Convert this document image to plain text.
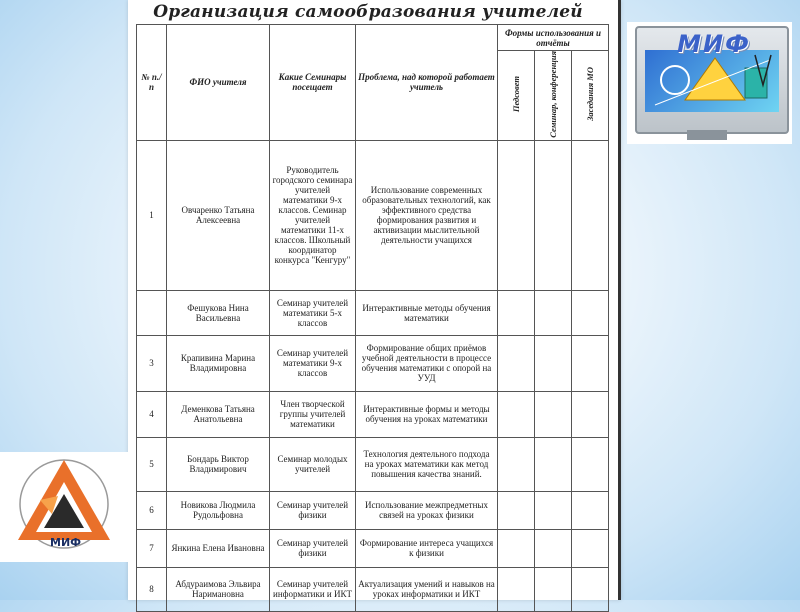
Организация самообразования учителей
№ п./п	ФИО учителя	Какие Семинары посещает	Проблема, над которой работает учитель	Формы использования и отчёты		
				Педсовет	Семинар, конференция	Заседания МО
1	Овчаренко Татьяна Алексеевна	Руководитель городского семинара учителей математики 9-х классов. Семинар учителей математики 11-х классов. Школьный координатор конкурса "Кенгуру"	Использование современных образовательных технологий, как эффективного средства формирования развития и активизации мыслительной деятельности учащихся			
	Фешукова Нина Васильевна	Семинар учителей математики 5-х классов	Интерактивные методы обучения математики			
3	Крапивина Марина Владимировна	Семинар учителей математики 9-х классов	Формирование общих приёмов учебной деятельности в процессе обучения математики с опорой на УУД			
4	Деменкова Татьяна Анатольевна	Член творческой группы учителей математики	Интерактивные формы и методы обучения на уроках математики			
5	Бондарь Виктор Владимирович	Семинар молодых учителей	Технология деятельного подхода на уроках математики как метод повышения качества знаний.			
6	Новикова Людмила Рудольфовна	Семинар учителей физики	Использование межпредметных связей на уроках физики			
7	Янкина Елена Ивановна	Семинар учителей физики	Формирование интереса учащихся к физики			
8	Абдураимова Эльвира Наримановна	Семинар учителей информатики и ИКТ	Актуализация умений и навыков на уроках информатики и ИКТ			
МИФ
МИФ
